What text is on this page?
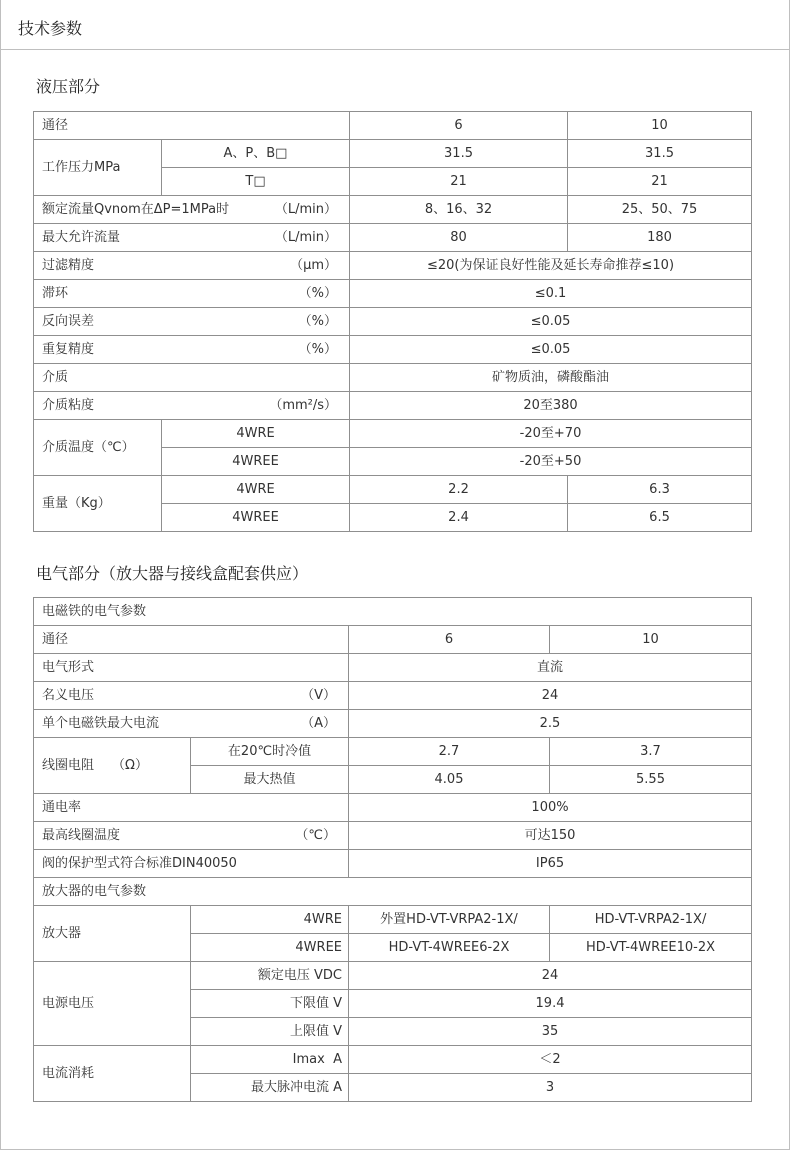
技术参数
液压部分
通径		6	10
工作压力MPa	A、P、B□	31.5	31.5
	T□	21	21

额定流量Qvnom在ΔP=1MPa时 （L/min）		8、16、32	25、50、75

最大允许流量 （L/min）		80	180

过滤精度 （μm）		≤20(为保证良好性能及延长寿命推荐≤10)	

滞环 （%）		≤0.1	

反向误差 （%）		≤0.05	

重复精度 （%）		≤0.05	
介质		矿物质油，磷酸酯油	

介质粘度 （mm²/s）		20至380	
介质温度（℃）	4WRE	-20至+70	
	4WREE	-20至+50	
重量（Kg）	4WRE	2.2	6.3
	4WREE	2.4	6.5
电气部分（放大器与接线盒配套供应）
电磁铁的电气参数			
通径		6	10
电气形式		直流	

名义电压 （V）		24	

单个电磁铁最大电流 （A）		2.5	
线圈电阻 （Ω）	在20℃时冷值	2.7	3.7
	最大热值	4.05	5.55
通电率		100%	

最高线圈温度 （℃）		可达150	
阀的保护型式符合标准DIN40050		IP65	
放大器的电气参数			
放大器	4WRE	外置HD-VT-VRPA2-1X/	HD-VT-VRPA2-1X/
	4WREE	HD-VT-4WREE6-2X	HD-VT-4WREE10-2X
电源电压	额定电压 VDC	24	
	下限值 V	19.4	
	上限值 V	35	
电流消耗	Imax  A	＜2	
	最大脉冲电流 A	3	
